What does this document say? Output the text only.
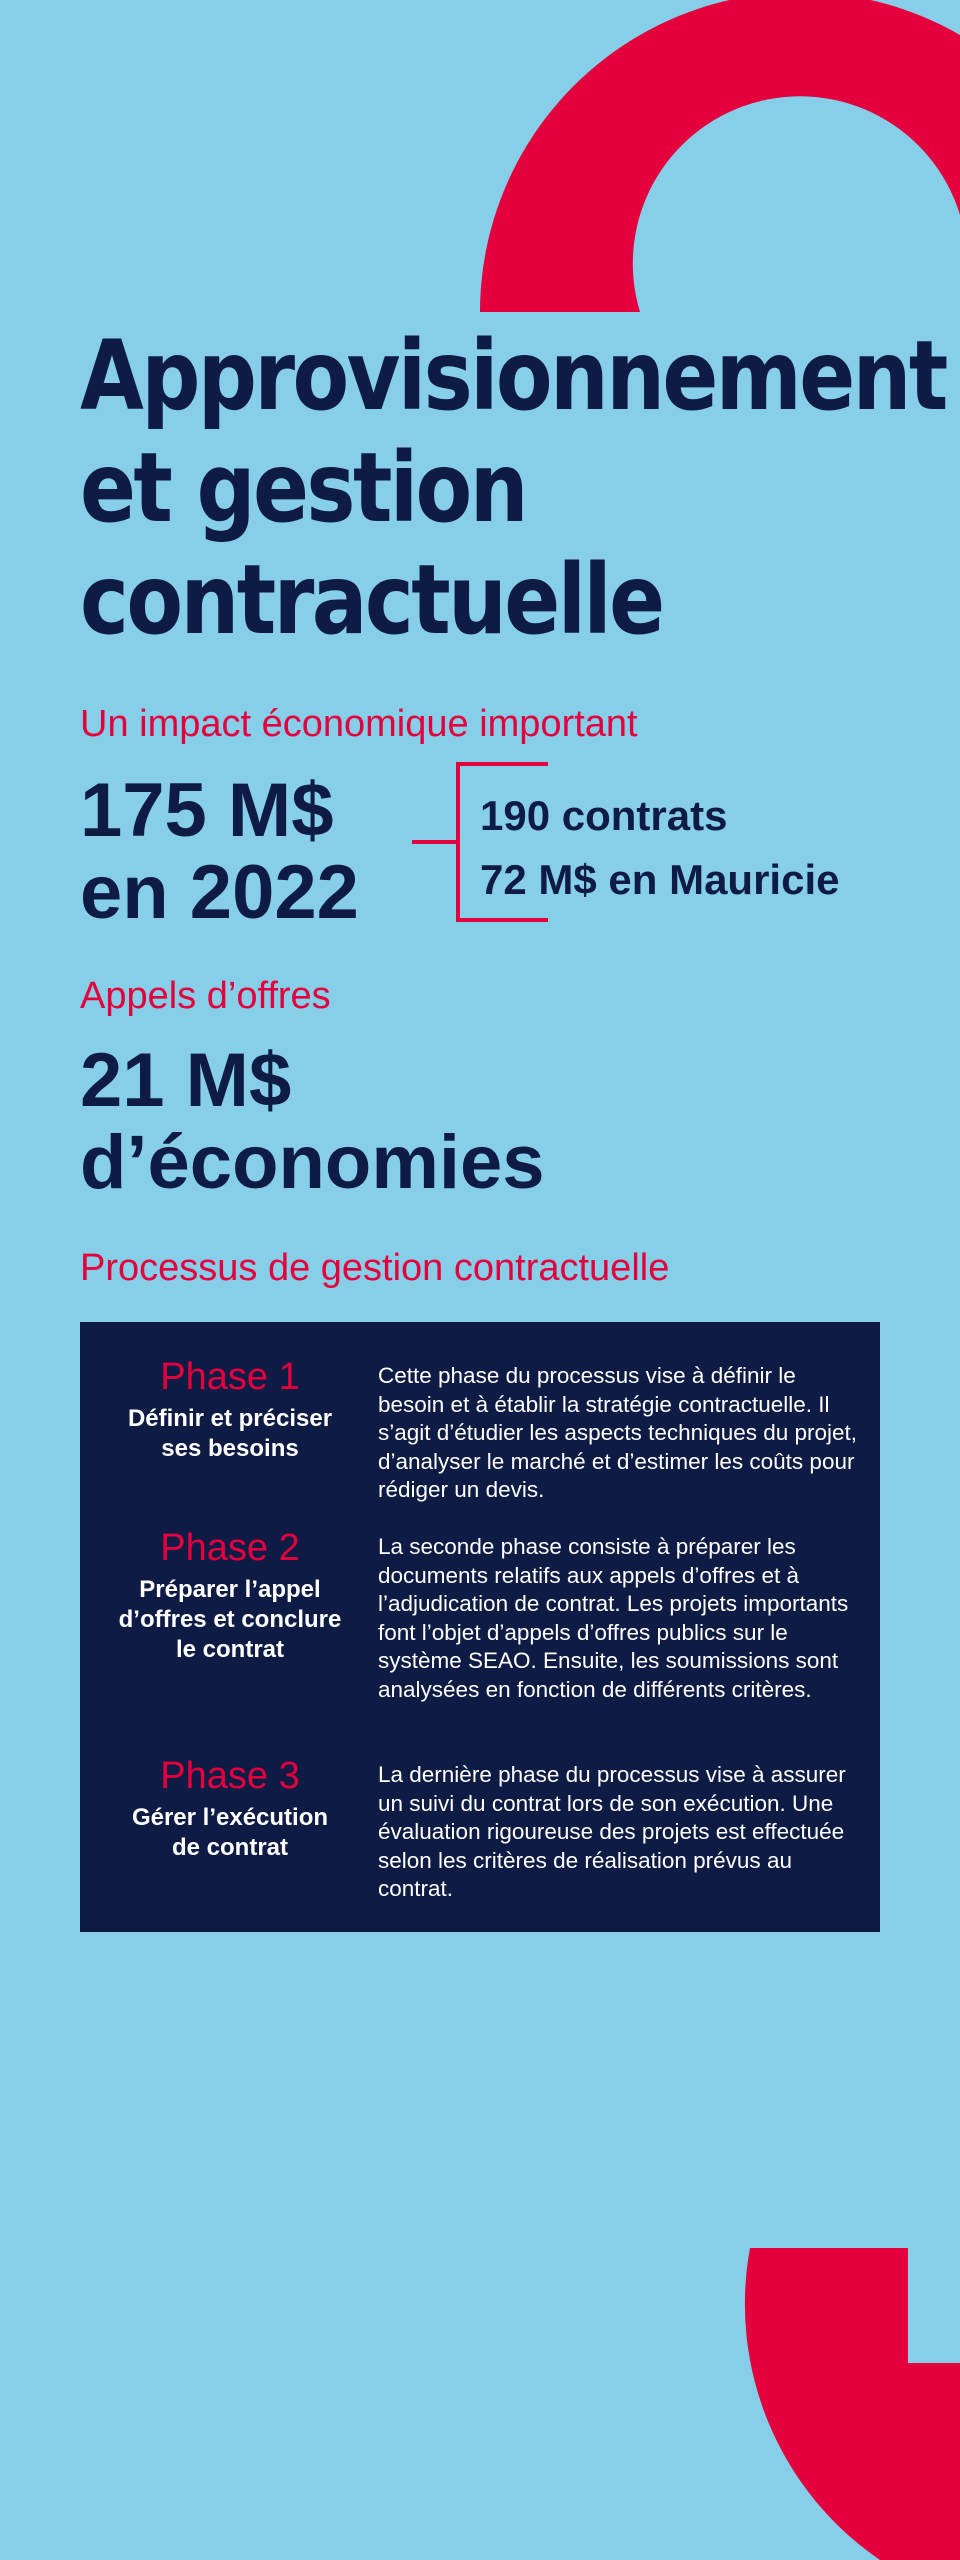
Approvisionnement
et gestion
contractuelle
Un impact économique important
175 M$
en 2022
190 contrats
72 M$ en Mauricie
Appels d’offres
21 M$
d’économies
Processus de gestion contractuelle
Phase 1
Définir et préciser
ses besoins

Cette phase du processus vise à définir le besoin et à établir la stratégie contractuelle. Il s’agit d’étudier les aspects techniques du projet, d’analyser le marché et d’estimer les coûts pour rédiger un devis.

Phase 2
Préparer l’appel
d’offres et conclure
le contrat

La seconde phase consiste à préparer les documents relatifs aux appels d’offres et à l’adjudication de contrat. Les projets importants font l’objet d’appels d’offres publics sur le système SEAO. Ensuite, les soumissions sont analysées en fonction de différents critères.

Phase 3
Gérer l’exécution
de contrat

La dernière phase du processus vise à assurer un suivi du contrat lors de son exécution. Une évaluation rigoureuse des projets est effectuée selon les critères de réalisation prévus au contrat.
